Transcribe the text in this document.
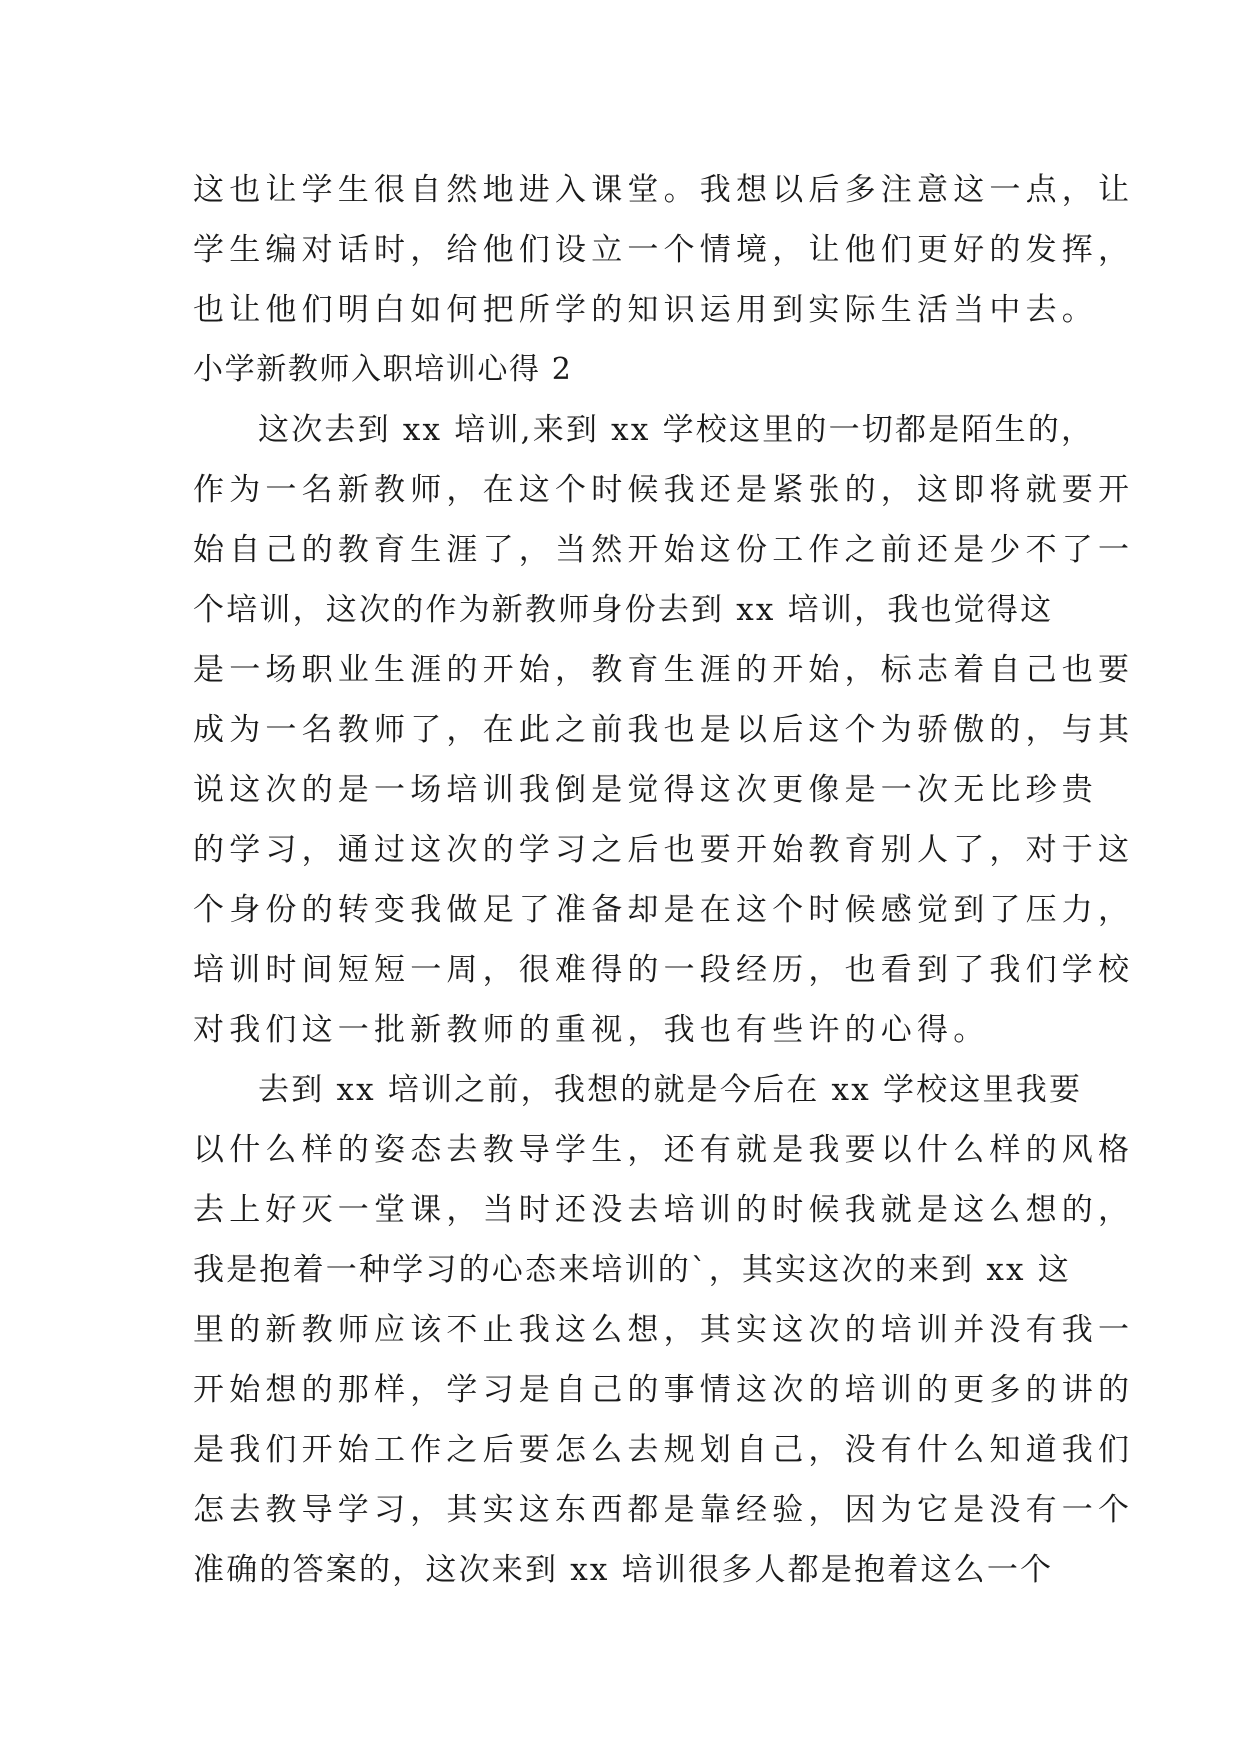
这也让学生很自然地进入课堂。我想以后多注意这一点，让
学生编对话时，给他们设立一个情境，让他们更好的发挥，
也让他们明白如何把所学的知识运用到实际生活当中去。
小学新教师入职培训心得 2
这次去到 xx 培训,来到 xx 学校这里的一切都是陌生的，
作为一名新教师，在这个时候我还是紧张的，这即将就要开
始自己的教育生涯了，当然开始这份工作之前还是少不了一
个培训，这次的作为新教师身份去到 xx 培训，我也觉得这
是一场职业生涯的开始，教育生涯的开始，标志着自己也要
成为一名教师了，在此之前我也是以后这个为骄傲的，与其
说这次的是一场培训我倒是觉得这次更像是一次无比珍贵
的学习，通过这次的学习之后也要开始教育别人了，对于这
个身份的转变我做足了准备却是在这个时候感觉到了压力，
培训时间短短一周，很难得的一段经历，也看到了我们学校
对我们这一批新教师的重视，我也有些许的心得。
去到 xx 培训之前，我想的就是今后在 xx 学校这里我要
以什么样的姿态去教导学生，还有就是我要以什么样的风格
去上好灭一堂课，当时还没去培训的时候我就是这么想的，
我是抱着一种学习的心态来培训的`，其实这次的来到 xx 这
里的新教师应该不止我这么想，其实这次的培训并没有我一
开始想的那样，学习是自己的事情这次的培训的更多的讲的
是我们开始工作之后要怎么去规划自己，没有什么知道我们
怎去教导学习，其实这东西都是靠经验，因为它是没有一个
准确的答案的，这次来到 xx 培训很多人都是抱着这么一个
